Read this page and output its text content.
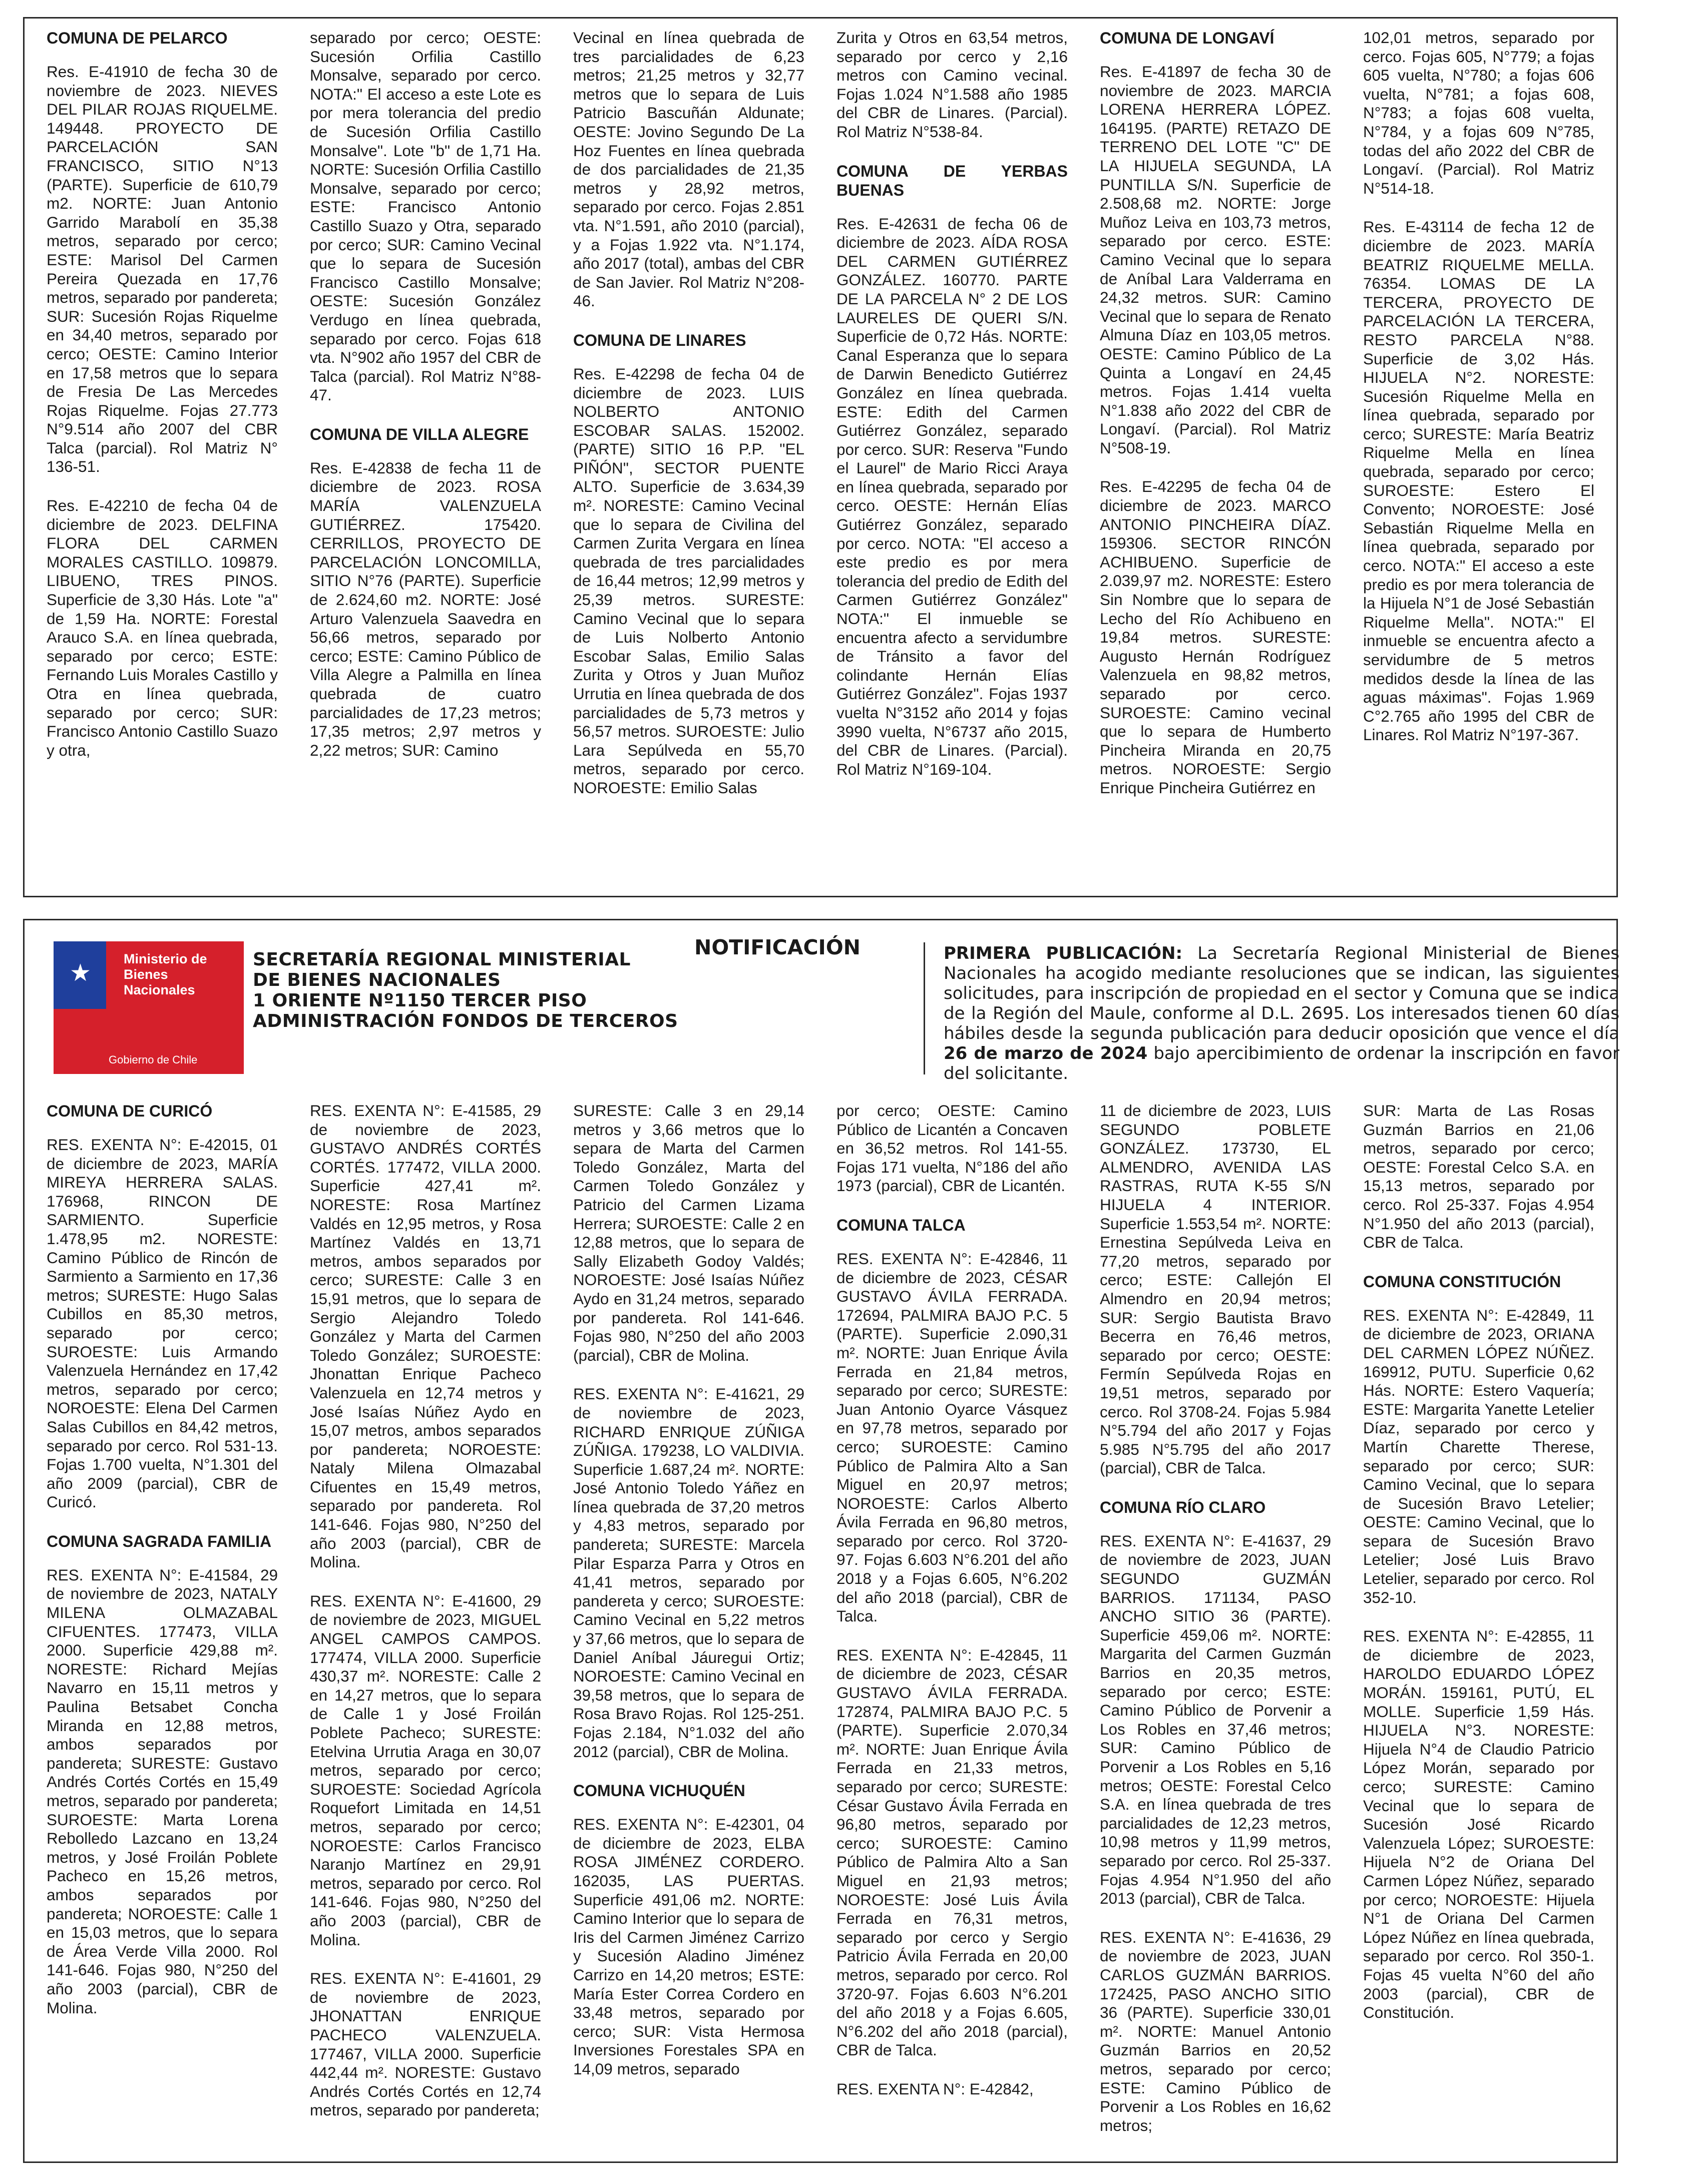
COMUNA DE PELARCO

Res. E-41910 de fecha 30 de noviembre de 2023. NIEVES DEL PILAR ROJAS RIQUELME. 149448. PROYECTO DE PARCELACIÓN SAN FRANCISCO, SITIO N°13 (PARTE). Superficie de 610,79 m2. NORTE: Juan Antonio Garrido Marabolí en 35,38 metros, separado por cerco; ESTE: Marisol Del Carmen Pereira Quezada en 17,76 metros, separado por pandereta; SUR: Sucesión Rojas Riquelme en 34,40 metros, separado por cerco; OESTE: Camino Interior en 17,58 metros que lo separa de Fresia De Las Mercedes Rojas Riquelme. Fojas 27.773 N°9.514 año 2007 del CBR Talca (parcial). Rol Matriz N° 136-51.

Res. E-42210 de fecha 04 de diciembre de 2023. DELFINA FLORA DEL CARMEN MORALES CASTILLO. 109879. LIBUENO, TRES PINOS. Superficie de 3,30 Hás. Lote "a" de 1,59 Ha. NORTE: Forestal Arauco S.A. en línea quebrada, separado por cerco; ESTE: Fernando Luis Morales Castillo y Otra en línea quebrada, separado por cerco; SUR: Francisco Antonio Castillo Suazo y otra,

separado por cerco; OESTE: Sucesión Orfilia Castillo Monsalve, separado por cerco. NOTA:" El acceso a este Lote es por mera tolerancia del predio de Sucesión Orfilia Castillo Monsalve". Lote "b" de 1,71 Ha. NORTE: Sucesión Orfilia Castillo Monsalve, separado por cerco; ESTE: Francisco Antonio Castillo Suazo y Otra, separado por cerco; SUR: Camino Vecinal que lo separa de Sucesión Francisco Castillo Monsalve; OESTE: Sucesión González Verdugo en línea quebrada, separado por cerco. Fojas 618 vta. N°902 año 1957 del CBR de Talca (parcial). Rol Matriz N°88-47.

COMUNA DE VILLA ALEGRE

Res. E-42838 de fecha 11 de diciembre de 2023. ROSA MARÍA VALENZUELA GUTIÉRREZ. 175420. CERRILLOS, PROYECTO DE PARCELACIÓN LONCOMILLA, SITIO N°76 (PARTE). Superficie de 2.624,60 m2. NORTE: José Arturo Valenzuela Saavedra en 56,66 metros, separado por cerco; ESTE: Camino Público de Villa Alegre a Palmilla en línea quebrada de cuatro parcialidades de 17,23 metros; 17,35 metros; 2,97 metros y 2,22 metros; SUR: Camino

Vecinal en línea quebrada de tres parcialidades de 6,23 metros; 21,25 metros y 32,77 metros que lo separa de Luis Patricio Bascuñán Aldunate; OESTE: Jovino Segundo De La Hoz Fuentes en línea quebrada de dos parcialidades de 21,35 metros y 28,92 metros, separado por cerco. Fojas 2.851 vta. N°1.591, año 2010 (parcial), y a Fojas 1.922 vta. N°1.174, año 2017 (total), ambas del CBR de San Javier. Rol Matriz N°208-46.

COMUNA DE LINARES

Res. E-42298 de fecha 04 de diciembre de 2023. LUIS NOLBERTO ANTONIO ESCOBAR SALAS. 152002. (PARTE) SITIO 16 P.P. "EL PIÑÓN", SECTOR PUENTE ALTO. Superficie de 3.634,39 m². NORESTE: Camino Vecinal que lo separa de Civilina del Carmen Zurita Vergara en línea quebrada de tres parcialidades de 16,44 metros; 12,99 metros y 25,39 metros. SURESTE: Camino Vecinal que lo separa de Luis Nolberto Antonio Escobar Salas, Emilio Salas Zurita y Otros y Juan Muñoz Urrutia en línea quebrada de dos parcialidades de 5,73 metros y 56,57 metros. SUROESTE: Julio Lara Sepúlveda en 55,70 metros, separado por cerco. NOROESTE: Emilio Salas

Zurita y Otros en 63,54 metros, separado por cerco y 2,16 metros con Camino vecinal. Fojas 1.024 N°1.588 año 1985 del CBR de Linares. (Parcial). Rol Matriz N°538-84.

COMUNA DE YERBAS BUENAS

Res. E-42631 de fecha 06 de diciembre de 2023. AÍDA ROSA DEL CARMEN GUTIÉRREZ GONZÁLEZ. 160770. PARTE DE LA PARCELA N° 2 DE LOS LAURELES DE QUERI S/N. Superficie de 0,72 Hás. NORTE: Canal Esperanza que lo separa de Darwin Benedicto Gutiérrez González en línea quebrada. ESTE: Edith del Carmen Gutiérrez González, separado por cerco. SUR: Reserva "Fundo el Laurel" de Mario Ricci Araya en línea quebrada, separado por cerco. OESTE: Hernán Elías Gutiérrez González, separado por cerco. NOTA: "El acceso a este predio es por mera tolerancia del predio de Edith del Carmen Gutiérrez González" NOTA:" El inmueble se encuentra afecto a servidumbre de Tránsito a favor del colindante Hernán Elías Gutiérrez González". Fojas 1937 vuelta N°3152 año 2014 y fojas 3990 vuelta, N°6737 año 2015, del CBR de Linares. (Parcial). Rol Matriz N°169-104.

COMUNA DE LONGAVÍ

Res. E-41897 de fecha 30 de noviembre de 2023. MARCIA LORENA HERRERA LÓPEZ. 164195. (PARTE) RETAZO DE TERRENO DEL LOTE "C" DE LA HIJUELA SEGUNDA, LA PUNTILLA S/N. Superficie de 2.508,68 m2. NORTE: Jorge Muñoz Leiva en 103,73 metros, separado por cerco. ESTE: Camino Vecinal que lo separa de Aníbal Lara Valderrama en 24,32 metros. SUR: Camino Vecinal que lo separa de Renato Almuna Díaz en 103,05 metros. OESTE: Camino Público de La Quinta a Longaví en 24,45 metros. Fojas 1.414 vuelta N°1.838 año 2022 del CBR de Longaví. (Parcial). Rol Matriz N°508-19.

Res. E-42295 de fecha 04 de diciembre de 2023. MARCO ANTONIO PINCHEIRA DÍAZ. 159306. SECTOR RINCÓN ACHIBUENO. Superficie de 2.039,97 m2. NORESTE: Estero Sin Nombre que lo separa de Lecho del Río Achibueno en 19,84 metros. SURESTE: Augusto Hernán Rodríguez Valenzuela en 98,82 metros, separado por cerco. SUROESTE: Camino vecinal que lo separa de Humberto Pincheira Miranda en 20,75 metros. NOROESTE: Sergio Enrique Pincheira Gutiérrez en

102,01 metros, separado por cerco. Fojas 605, N°779; a fojas 605 vuelta, N°780; a fojas 606 vuelta, N°781; a fojas 608, N°783; a fojas 608 vuelta, N°784, y a fojas 609 N°785, todas del año 2022 del CBR de Longaví. (Parcial). Rol Matriz N°514-18.

Res. E-43114 de fecha 12 de diciembre de 2023. MARÍA BEATRIZ RIQUELME MELLA. 76354. LOMAS DE LA TERCERA, PROYECTO DE PARCELACIÓN LA TERCERA, RESTO PARCELA N°88. Superficie de 3,02 Hás. HIJUELA N°2. NORESTE: Sucesión Riquelme Mella en línea quebrada, separado por cerco; SURESTE: María Beatriz Riquelme Mella en línea quebrada, separado por cerco; SUROESTE: Estero El Convento; NOROESTE: José Sebastián Riquelme Mella en línea quebrada, separado por cerco. NOTA:" El acceso a este predio es por mera tolerancia de la Hijuela N°1 de José Sebastián Riquelme Mella". NOTA:" El inmueble se encuentra afecto a servidumbre de 5 metros medidos desde la línea de las aguas máximas". Fojas 1.969 C°2.765 año 1995 del CBR de Linares. Rol Matriz N°197-367.

★
Ministerio de
Bienes
Nacionales
Gobierno de Chile
SECRETARÍA REGIONAL MINISTERIAL
DE BIENES NACIONALES
1 ORIENTE Nº1150 TERCER PISO
ADMINISTRACIÓN FONDOS DE TERCEROS
NOTIFICACIÓN	PRIMERA PUBLICACIÓN: La Secretaría Regional Ministerial de Bienes Nacionales ha acogido mediante resoluciones que se indican, las siguientes solicitudes, para inscripción de propiedad en el sector y Comuna que se indica de la Región del Maule, conforme al D.L. 2695. Los interesados tienen 60 días hábiles desde la segunda publicación para deducir oposición que vence el día 26 de marzo de 2024 bajo apercibimiento de ordenar la inscripción en favor del solicitante.
COMUNA DE CURICÓ

RES. EXENTA N°: E-42015, 01 de diciembre de 2023, MARÍA MIREYA HERRERA SALAS. 176968, RINCON DE SARMIENTO. Superficie 1.478,95 m2. NORESTE: Camino Público de Rincón de Sarmiento a Sarmiento en 17,36 metros; SURESTE: Hugo Salas Cubillos en 85,30 metros, separado por cerco; SUROESTE: Luis Armando Valenzuela Hernández en 17,42 metros, separado por cerco; NOROESTE: Elena Del Carmen Salas Cubillos en 84,42 metros, separado por cerco. Rol 531-13. Fojas 1.700 vuelta, N°1.301 del año 2009 (parcial), CBR de Curicó.

COMUNA SAGRADA FAMILIA

RES. EXENTA N°: E-41584, 29 de noviembre de 2023, NATALY MILENA OLMAZABAL CIFUENTES. 177473, VILLA 2000. Superficie 429,88 m². NORESTE: Richard Mejías Navarro en 15,11 metros y Paulina Betsabet Concha Miranda en 12,88 metros, ambos separados por pandereta; SURESTE: Gustavo Andrés Cortés Cortés en 15,49 metros, separado por pandereta; SUROESTE: Marta Lorena Rebolledo Lazcano en 13,24 metros, y José Froilán Poblete Pacheco en 15,26 metros, ambos separados por pandereta; NOROESTE: Calle 1 en 15,03 metros, que lo separa de Área Verde Villa 2000. Rol 141-646. Fojas 980, N°250 del año 2003 (parcial), CBR de Molina.

RES. EXENTA N°: E-41585, 29 de noviembre de 2023, GUSTAVO ANDRÉS CORTÉS CORTÉS. 177472, VILLA 2000. Superficie 427,41 m². NORESTE: Rosa Martínez Valdés en 12,95 metros, y Rosa Martínez Valdés en 13,71 metros, ambos separados por cerco; SURESTE: Calle 3 en 15,91 metros, que lo separa de Sergio Alejandro Toledo González y Marta del Carmen Toledo González; SUROESTE: Jhonattan Enrique Pacheco Valenzuela en 12,74 metros y José Isaías Núñez Aydo en 15,07 metros, ambos separados por pandereta; NOROESTE: Nataly Milena Olmazabal Cifuentes en 15,49 metros, separado por pandereta. Rol 141-646. Fojas 980, N°250 del año 2003 (parcial), CBR de Molina.

RES. EXENTA N°: E-41600, 29 de noviembre de 2023, MIGUEL ANGEL CAMPOS CAMPOS. 177474, VILLA 2000. Superficie 430,37 m². NORESTE: Calle 2 en 14,27 metros, que lo separa de Calle 1 y José Froilán Poblete Pacheco; SURESTE: Etelvina Urrutia Araga en 30,07 metros, separado por cerco; SUROESTE: Sociedad Agrícola Roquefort Limitada en 14,51 metros, separado por cerco; NOROESTE: Carlos Francisco Naranjo Martínez en 29,91 metros, separado por cerco. Rol 141-646. Fojas 980, N°250 del año 2003 (parcial), CBR de Molina.

RES. EXENTA N°: E-41601, 29 de noviembre de 2023, JHONATTAN ENRIQUE PACHECO VALENZUELA. 177467, VILLA 2000. Superficie 442,44 m². NORESTE: Gustavo Andrés Cortés Cortés en 12,74 metros, separado por pandereta;

SURESTE: Calle 3 en 29,14 metros y 3,66 metros que lo separa de Marta del Carmen Toledo González, Marta del Carmen Toledo González y Patricio del Carmen Lizama Herrera; SUROESTE: Calle 2 en 12,88 metros, que lo separa de Sally Elizabeth Godoy Valdés; NOROESTE: José Isaías Núñez Aydo en 31,24 metros, separado por pandereta. Rol 141-646. Fojas 980, N°250 del año 2003 (parcial), CBR de Molina.

RES. EXENTA N°: E-41621, 29 de noviembre de 2023, RICHARD ENRIQUE ZÚÑIGA ZÚÑIGA. 179238, LO VALDIVIA. Superficie 1.687,24 m². NORTE: José Antonio Toledo Yáñez en línea quebrada de 37,20 metros y 4,83 metros, separado por pandereta; SURESTE: Marcela Pilar Esparza Parra y Otros en 41,41 metros, separado por pandereta y cerco; SUROESTE: Camino Vecinal en 5,22 metros y 37,66 metros, que lo separa de Daniel Aníbal Jáuregui Ortiz; NOROESTE: Camino Vecinal en 39,58 metros, que lo separa de Rosa Bravo Rojas. Rol 125-251. Fojas 2.184, N°1.032 del año 2012 (parcial), CBR de Molina.

COMUNA VICHUQUÉN

RES. EXENTA N°: E-42301, 04 de diciembre de 2023, ELBA ROSA JIMÉNEZ CORDERO. 162035, LAS PUERTAS. Superficie 491,06 m2. NORTE: Camino Interior que lo separa de Iris del Carmen Jiménez Carrizo y Sucesión Aladino Jiménez Carrizo en 14,20 metros; ESTE: María Ester Correa Cordero en 33,48 metros, separado por cerco; SUR: Vista Hermosa Inversiones Forestales SPA en 14,09 metros, separado

por cerco; OESTE: Camino Público de Licantén a Concaven en 36,52 metros. Rol 141-55. Fojas 171 vuelta, N°186 del año 1973 (parcial), CBR de Licantén.

COMUNA TALCA

RES. EXENTA N°: E-42846, 11 de diciembre de 2023, CÉSAR GUSTAVO ÁVILA FERRADA. 172694, PALMIRA BAJO P.C. 5 (PARTE). Superficie 2.090,31 m². NORTE: Juan Enrique Ávila Ferrada en 21,84 metros, separado por cerco; SURESTE: Juan Antonio Oyarce Vásquez en 97,78 metros, separado por cerco; SUROESTE: Camino Público de Palmira Alto a San Miguel en 20,97 metros; NOROESTE: Carlos Alberto Ávila Ferrada en 96,80 metros, separado por cerco. Rol 3720-97. Fojas 6.603 N°6.201 del año 2018 y a Fojas 6.605, N°6.202 del año 2018 (parcial), CBR de Talca.

RES. EXENTA N°: E-42845, 11 de diciembre de 2023, CÉSAR GUSTAVO ÁVILA FERRADA. 172874, PALMIRA BAJO P.C. 5 (PARTE). Superficie 2.070,34 m². NORTE: Juan Enrique Ávila Ferrada en 21,33 metros, separado por cerco; SURESTE: César Gustavo Ávila Ferrada en 96,80 metros, separado por cerco; SUROESTE: Camino Público de Palmira Alto a San Miguel en 21,93 metros; NOROESTE: José Luis Ávila Ferrada en 76,31 metros, separado por cerco y Sergio Patricio Ávila Ferrada en 20,00 metros, separado por cerco. Rol 3720-97. Fojas 6.603 N°6.201 del año 2018 y a Fojas 6.605, N°6.202 del año 2018 (parcial), CBR de Talca.

RES. EXENTA N°: E-42842,

11 de diciembre de 2023, LUIS SEGUNDO POBLETE GONZÁLEZ. 173730, EL ALMENDRO, AVENIDA LAS RASTRAS, RUTA K-55 S/N HIJUELA 4 INTERIOR. Superficie 1.553,54 m². NORTE: Ernestina Sepúlveda Leiva en 77,20 metros, separado por cerco; ESTE: Callejón El Almendro en 20,94 metros; SUR: Sergio Bautista Bravo Becerra en 76,46 metros, separado por cerco; OESTE: Fermín Sepúlveda Rojas en 19,51 metros, separado por cerco. Rol 3708-24. Fojas 5.984 N°5.794 del año 2017 y Fojas 5.985 N°5.795 del año 2017 (parcial), CBR de Talca.

COMUNA RÍO CLARO

RES. EXENTA N°: E-41637, 29 de noviembre de 2023, JUAN SEGUNDO GUZMÁN BARRIOS. 171134, PASO ANCHO SITIO 36 (PARTE). Superficie 459,06 m². NORTE: Margarita del Carmen Guzmán Barrios en 20,35 metros, separado por cerco; ESTE: Camino Público de Porvenir a Los Robles en 37,46 metros; SUR: Camino Público de Porvenir a Los Robles en 5,16 metros; OESTE: Forestal Celco S.A. en línea quebrada de tres parcialidades de 12,23 metros, 10,98 metros y 11,99 metros, separado por cerco. Rol 25-337. Fojas 4.954 N°1.950 del año 2013 (parcial), CBR de Talca.

RES. EXENTA N°: E-41636, 29 de noviembre de 2023, JUAN CARLOS GUZMÁN BARRIOS. 172425, PASO ANCHO SITIO 36 (PARTE). Superficie 330,01 m². NORTE: Manuel Antonio Guzmán Barrios en 20,52 metros, separado por cerco; ESTE: Camino Público de Porvenir a Los Robles en 16,62 metros;

SUR: Marta de Las Rosas Guzmán Barrios en 21,06 metros, separado por cerco; OESTE: Forestal Celco S.A. en 15,13 metros, separado por cerco. Rol 25-337. Fojas 4.954 N°1.950 del año 2013 (parcial), CBR de Talca.

COMUNA CONSTITUCIÓN

RES. EXENTA N°: E-42849, 11 de diciembre de 2023, ORIANA DEL CARMEN LÓPEZ NÚÑEZ. 169912, PUTU. Superficie 0,62 Hás. NORTE: Estero Vaquería; ESTE: Margarita Yanette Letelier Díaz, separado por cerco y Martín Charette Therese, separado por cerco; SUR: Camino Vecinal, que lo separa de Sucesión Bravo Letelier; OESTE: Camino Vecinal, que lo separa de Sucesión Bravo Letelier; José Luis Bravo Letelier, separado por cerco. Rol 352-10.

RES. EXENTA N°: E-42855, 11 de diciembre de 2023, HAROLDO EDUARDO LÓPEZ MORÁN. 159161, PUTÚ, EL MOLLE. Superficie 1,59 Hás. HIJUELA N°3. NORESTE: Hijuela N°4 de Claudio Patricio López Morán, separado por cerco; SURESTE: Camino Vecinal que lo separa de Sucesión José Ricardo Valenzuela López; SUROESTE: Hijuela N°2 de Oriana Del Carmen López Núñez, separado por cerco; NOROESTE: Hijuela N°1 de Oriana Del Carmen López Núñez en línea quebrada, separado por cerco. Rol 350-1. Fojas 45 vuelta N°60 del año 2003 (parcial), CBR de Constitución.
